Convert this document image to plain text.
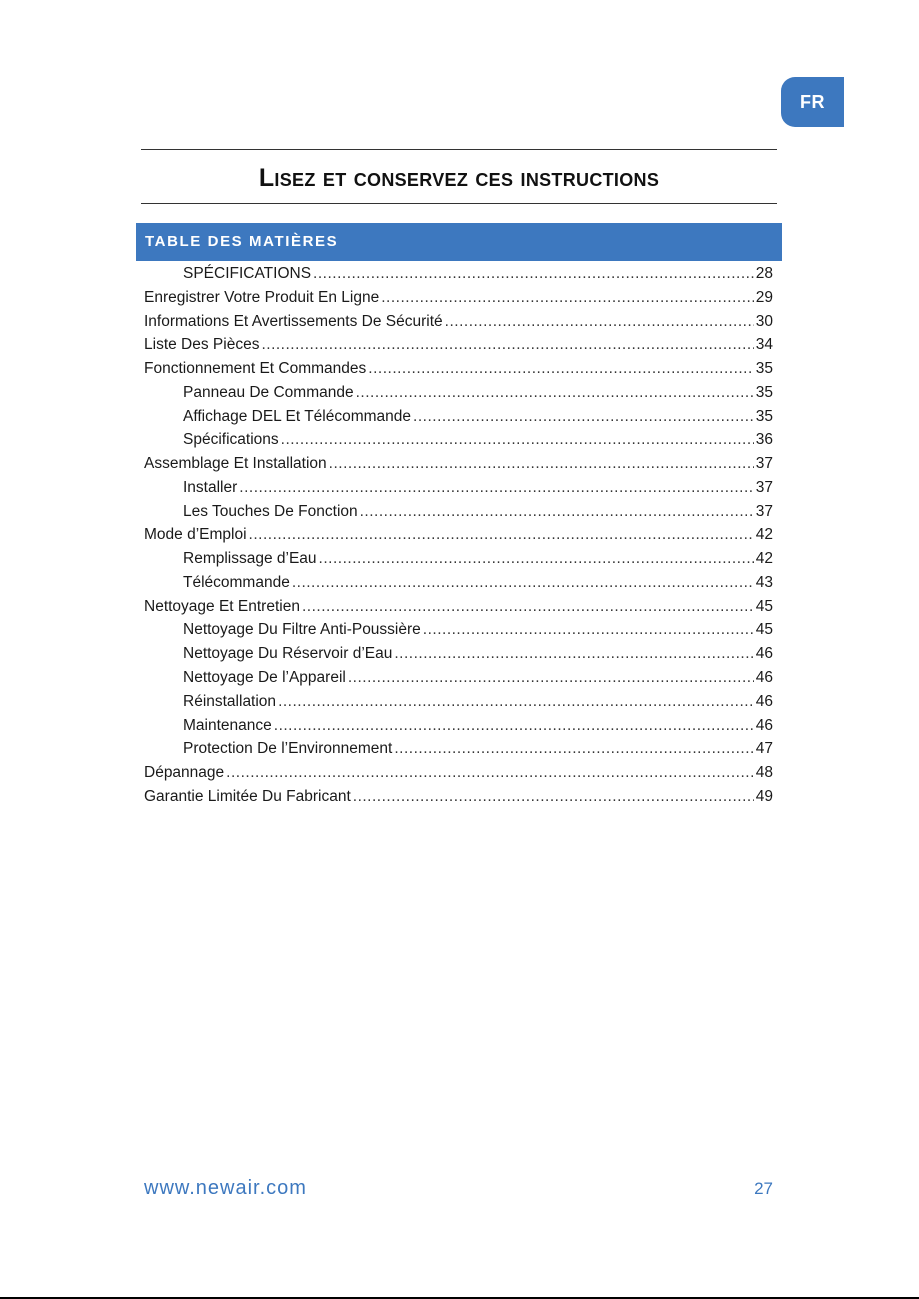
FR
Lisez et conservez ces instructions
TABLE DES MATIÈRES
SPÉCIFICATIONS .....	28
Enregistrer Votre Produit En Ligne .....	29
Informations Et Avertissements De Sécurité .....	30
Liste Des Pièces .....	34
Fonctionnement Et Commandes .....	35
Panneau De Commande .....	35
Affichage DEL Et Télécommande .....	35
Spécifications .....	36
Assemblage Et Installation .....	37
Installer .....	37
Les Touches De Fonction .....	37
Mode d’Emploi .....	42
Remplissage d’Eau .....	42
Télécommande .....	43
Nettoyage Et Entretien .....	45
Nettoyage Du Filtre Anti-Poussière .....	45
Nettoyage Du Réservoir d’Eau .....	46
Nettoyage De l’Appareil .....	46
Réinstallation .....	46
Maintenance .....	46
Protection De l’Environnement .....	47
Dépannage .....	48
Garantie Limitée Du Fabricant .....	49
www.newair.com	27
